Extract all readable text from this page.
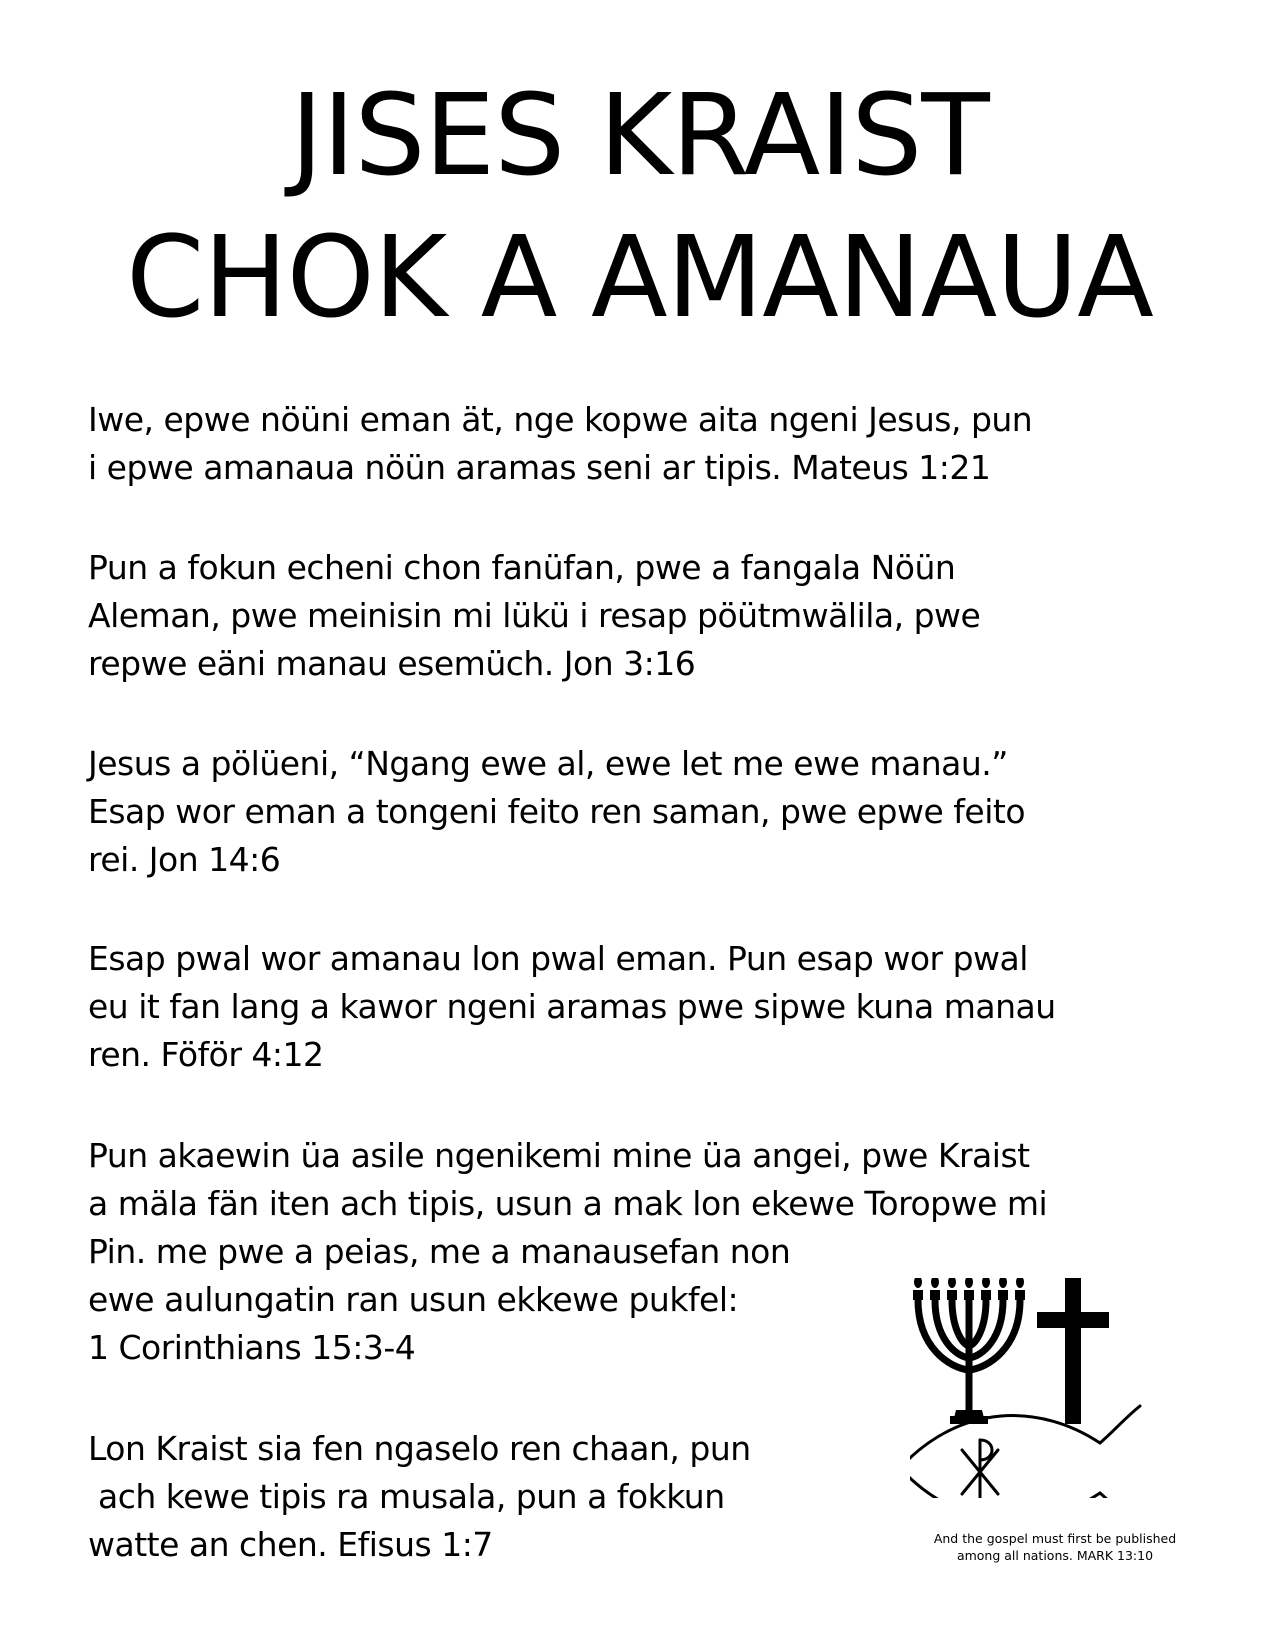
JISES KRAIST
CHOK A AMANAUA

Iwe, epwe nöüni eman ät, nge kopwe aita ngeni Jesus, pun
i epwe amanaua nöün aramas seni ar tipis. Mateus 1:21

Pun a fokun echeni chon fanüfan, pwe a fangala Nöün
Aleman, pwe meinisin mi lükü i resap pöütmwälila, pwe
repwe eäni manau esemüch. Jon 3:16

Jesus a pölüeni, “Ngang ewe al, ewe let me ewe manau.”
Esap wor eman a tongeni feito ren saman, pwe epwe feito
rei. Jon 14:6

Esap pwal wor amanau lon pwal eman. Pun esap wor pwal
eu it fan lang a kawor ngeni aramas pwe sipwe kuna manau
ren. Föför 4:12

Pun akaewin üa asile ngenikemi mine üa angei, pwe Kraist
a mäla fän iten ach tipis, usun a mak lon ekewe Toropwe mi
Pin. me pwe a peias, me a manausefan non
ewe aulungatin ran usun ekkewe pukfel:
1 Corinthians 15:3-4

Lon Kraist sia fen ngaselo ren chaan, pun
ach kewe tipis ra musala, pun a fokkun
watte an chen. Efisus 1:7	And the gospel must first be published
among all nations. MARK 13:10
